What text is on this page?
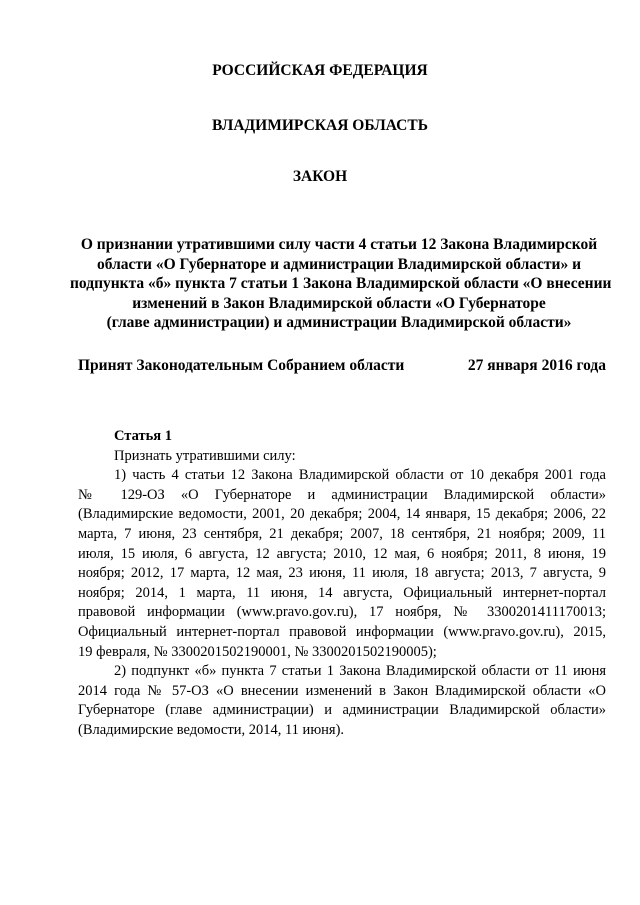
РОССИЙСКАЯ ФЕДЕРАЦИЯ
ВЛАДИМИРСКАЯ ОБЛАСТЬ
ЗАКОН
О признании утратившими силу части 4 статьи 12 Закона Владимирской
области «О Губернаторе и администрации Владимирской области» и
подпункта «б» пункта 7 статьи 1 Закона Владимирской области «О внесении
изменений в Закон Владимирской области «О Губернаторе
(главе администрации) и администрации Владимирской области»
Принят Законодательным Собранием области	27 января 2016 года
Статья 1
Признать утратившими силу:
1) часть 4 статьи 12 Закона Владимирской области от 10 декабря 2001 года
№ 129-ОЗ «О Губернаторе и администрации Владимирской области»
(Владимирские ведомости, 2001, 20 декабря; 2004, 14 января, 15 декабря; 2006, 22
марта, 7 июня, 23 сентября, 21 декабря; 2007, 18 сентября, 21 ноября; 2009, 11
июля, 15 июля, 6 августа, 12 августа; 2010, 12 мая, 6 ноября; 2011, 8 июня, 19
ноября; 2012, 17 марта, 12 мая, 23 июня, 11 июля, 18 августа; 2013, 7 августа, 9
ноября; 2014, 1 марта, 11 июня, 14 августа, Официальный интернет-портал
правовой информации (www.pravo.gov.ru), 17 ноября, № 3300201411170013;
Официальный интернет-портал правовой информации (www.pravo.gov.ru), 2015,
19 февраля, № 3300201502190001, № 3300201502190005);
2) подпункт «б» пункта 7 статьи 1 Закона Владимирской области от 11 июня
2014 года № 57-ОЗ «О внесении изменений в Закон Владимирской области «О
Губернаторе (главе администрации) и администрации Владимирской области»
(Владимирские ведомости, 2014, 11 июня).
